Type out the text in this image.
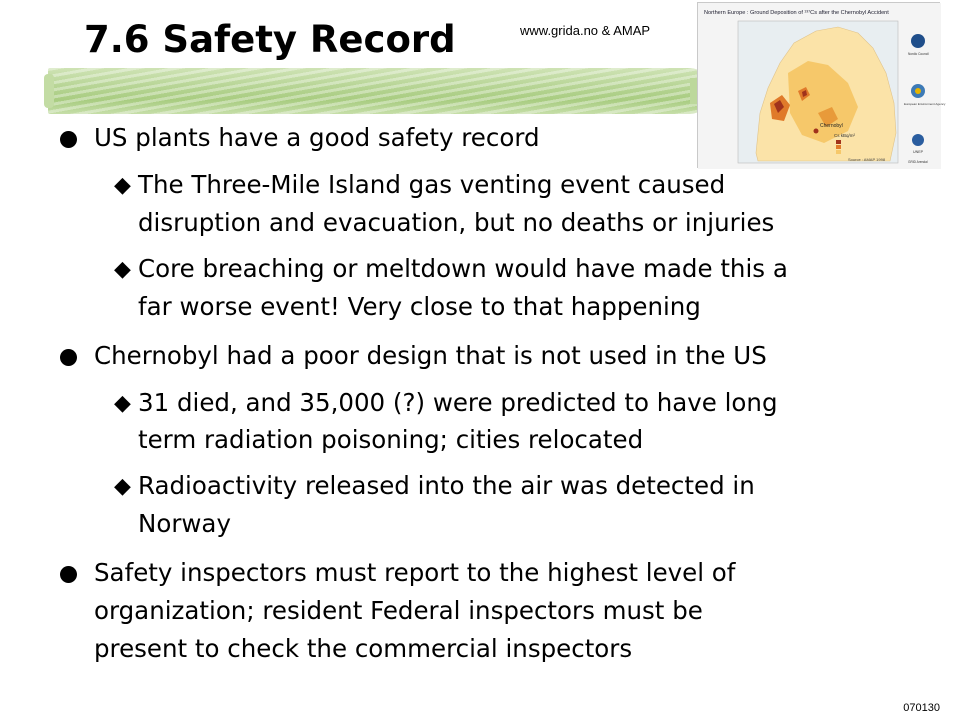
7.6 Safety Record	www.grida.no & AMAP
Northern Europe : Ground Deposition of ¹³⁷Cs after the Chernobyl Accident
Chernobyl
Cs kBq/m²
Source : AMAP 1998
Nordic Council
European Environment Agency
UNEP
GRID Arendal
US plants have a good safety record
◆ The Three-Mile Island gas venting event caused
disruption and evacuation, but no deaths or injuries
◆ Core breaching or meltdown would have made this a
far worse event! Very close to that happening
Chernobyl had a poor design that is not used in the US
◆ 31 died, and 35,000 (?) were predicted to have long
term radiation poisoning; cities relocated
◆ Radioactivity released into the air was detected in
Norway
Safety inspectors must report to the highest level of
organization; resident Federal inspectors must be
present to check the commercial inspectors
070130
